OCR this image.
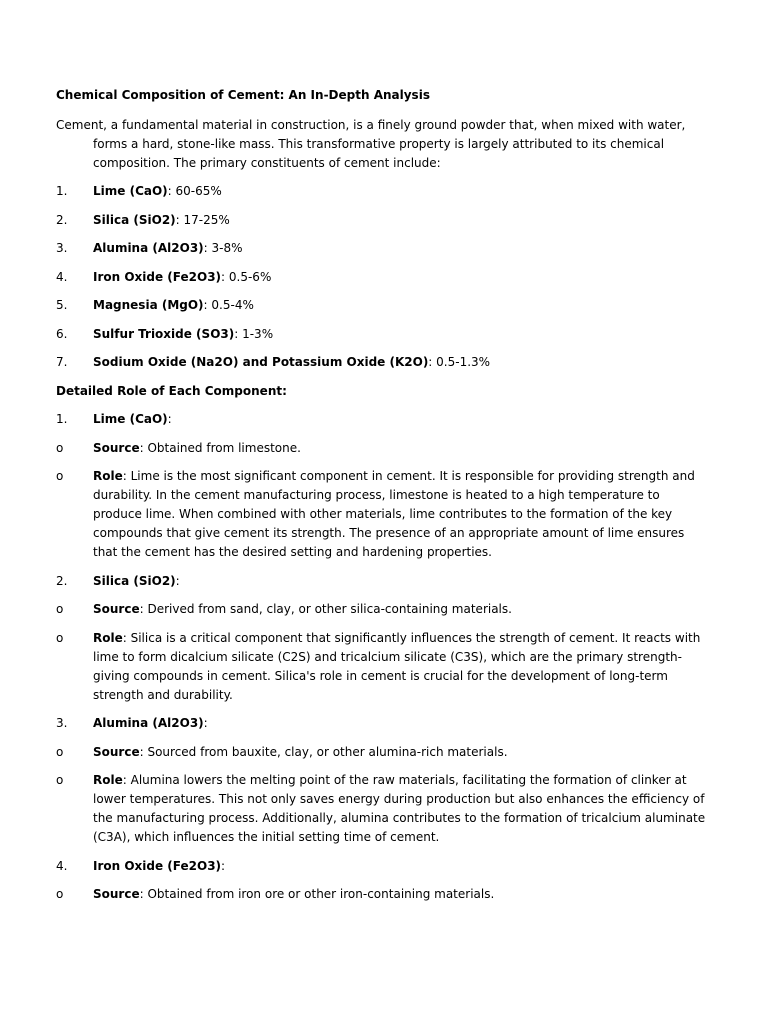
Chemical Composition of Cement: An In-Depth Analysis
Cement, a fundamental material in construction, is a finely ground powder that, when mixed with water, forms a hard, stone-like mass. This transformative property is largely attributed to its chemical composition. The primary constituents of cement include:
1.	Lime (CaO): 60-65%
2.	Silica (SiO2): 17-25%
3.	Alumina (Al2O3): 3-8%
4.	Iron Oxide (Fe2O3): 0.5-6%
5.	Magnesia (MgO): 0.5-4%
6.	Sulfur Trioxide (SO3): 1-3%
7.	Sodium Oxide (Na2O) and Potassium Oxide (K2O): 0.5-1.3%
Detailed Role of Each Component:
1.	Lime (CaO):
o	Source: Obtained from limestone.
o	Role: Lime is the most significant component in cement. It is responsible for providing strength and durability. In the cement manufacturing process, limestone is heated to a high temperature to produce lime. When combined with other materials, lime contributes to the formation of the key compounds that give cement its strength. The presence of an appropriate amount of lime ensures that the cement has the desired setting and hardening properties.
2.	Silica (SiO2):
o	Source: Derived from sand, clay, or other silica-containing materials.
o	Role: Silica is a critical component that significantly influences the strength of cement. It reacts with lime to form dicalcium silicate (C2S) and tricalcium silicate (C3S), which are the primary strength-giving compounds in cement. Silica's role in cement is crucial for the development of long-term strength and durability.
3.	Alumina (Al2O3):
o	Source: Sourced from bauxite, clay, or other alumina-rich materials.
o	Role: Alumina lowers the melting point of the raw materials, facilitating the formation of clinker at lower temperatures. This not only saves energy during production but also enhances the efficiency of the manufacturing process. Additionally, alumina contributes to the formation of tricalcium aluminate (C3A), which influences the initial setting time of cement.
4.	Iron Oxide (Fe2O3):
o	Source: Obtained from iron ore or other iron-containing materials.
